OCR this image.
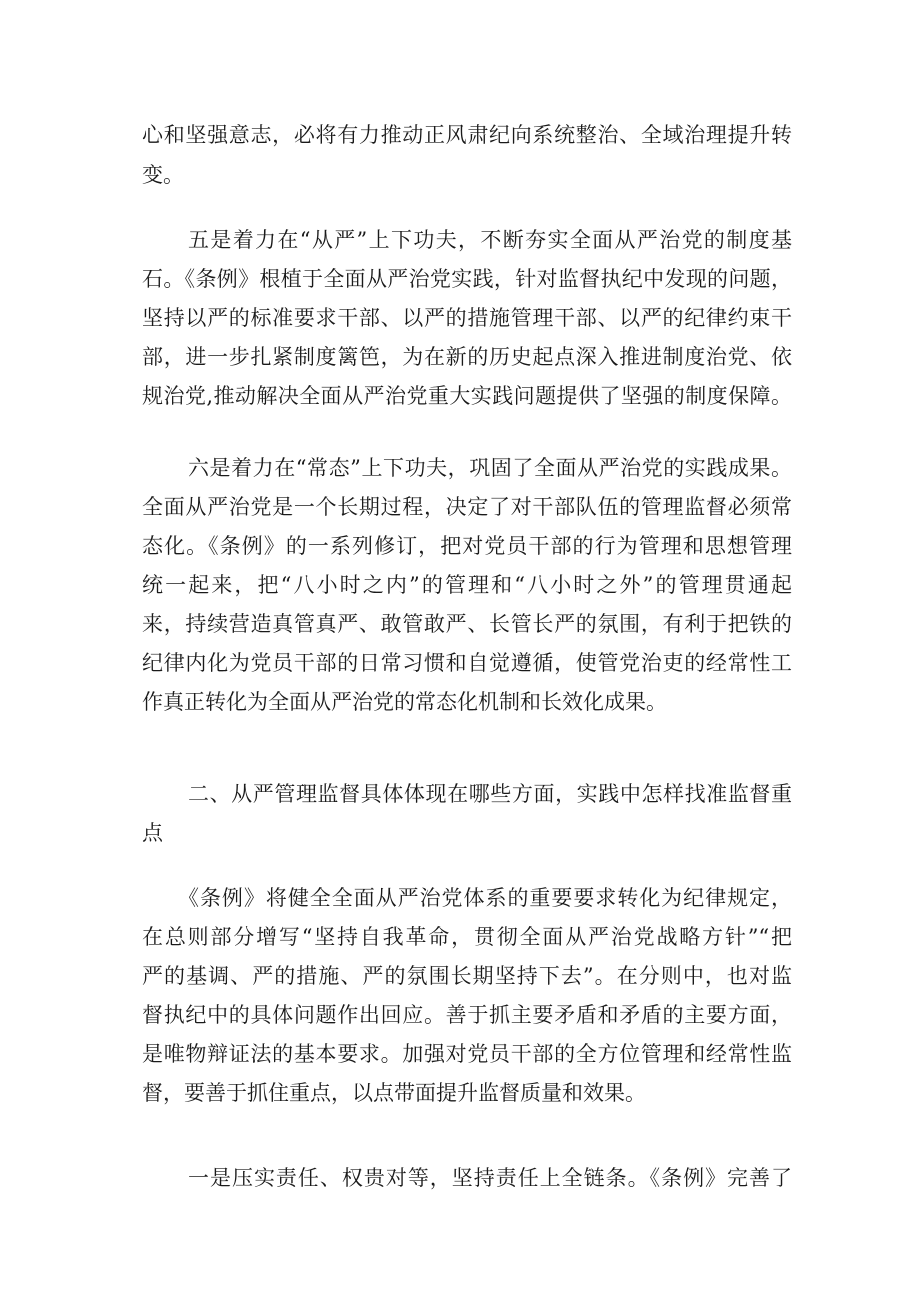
心和坚强意志，必将有力推动正风肃纪向系统整治、全域治理提升转
变。
五是着力在“从严”上下功夫，不断夯实全面从严治党的制度基
石。《条例》根植于全面从严治党实践，针对监督执纪中发现的问题，
坚持以严的标准要求干部、以严的措施管理干部、以严的纪律约束干
部，进一步扎紧制度篱笆，为在新的历史起点深入推进制度治党、依
规治党,推动解决全面从严治党重大实践问题提供了坚强的制度保障。
六是着力在“常态”上下功夫，巩固了全面从严治党的实践成果。
全面从严治党是一个长期过程，决定了对干部队伍的管理监督必须常
态化。《条例》的一系列修订，把对党员干部的行为管理和思想管理
统一起来，把“八小时之内”的管理和“八小时之外”的管理贯通起
来，持续营造真管真严、敢管敢严、长管长严的氛围，有利于把铁的
纪律内化为党员干部的日常习惯和自觉遵循，使管党治吏的经常性工
作真正转化为全面从严治党的常态化机制和长效化成果。
二、从严管理监督具体体现在哪些方面，实践中怎样找准监督重
点
《条例》将健全全面从严治党体系的重要要求转化为纪律规定，
在总则部分增写“坚持自我革命，贯彻全面从严治党战略方针”“把
严的基调、严的措施、严的氛围长期坚持下去”。在分则中，也对监
督执纪中的具体问题作出回应。善于抓主要矛盾和矛盾的主要方面，
是唯物辩证法的基本要求。加强对党员干部的全方位管理和经常性监
督，要善于抓住重点，以点带面提升监督质量和效果。
一是压实责任、权贵对等，坚持责任上全链条。《条例》完善了
